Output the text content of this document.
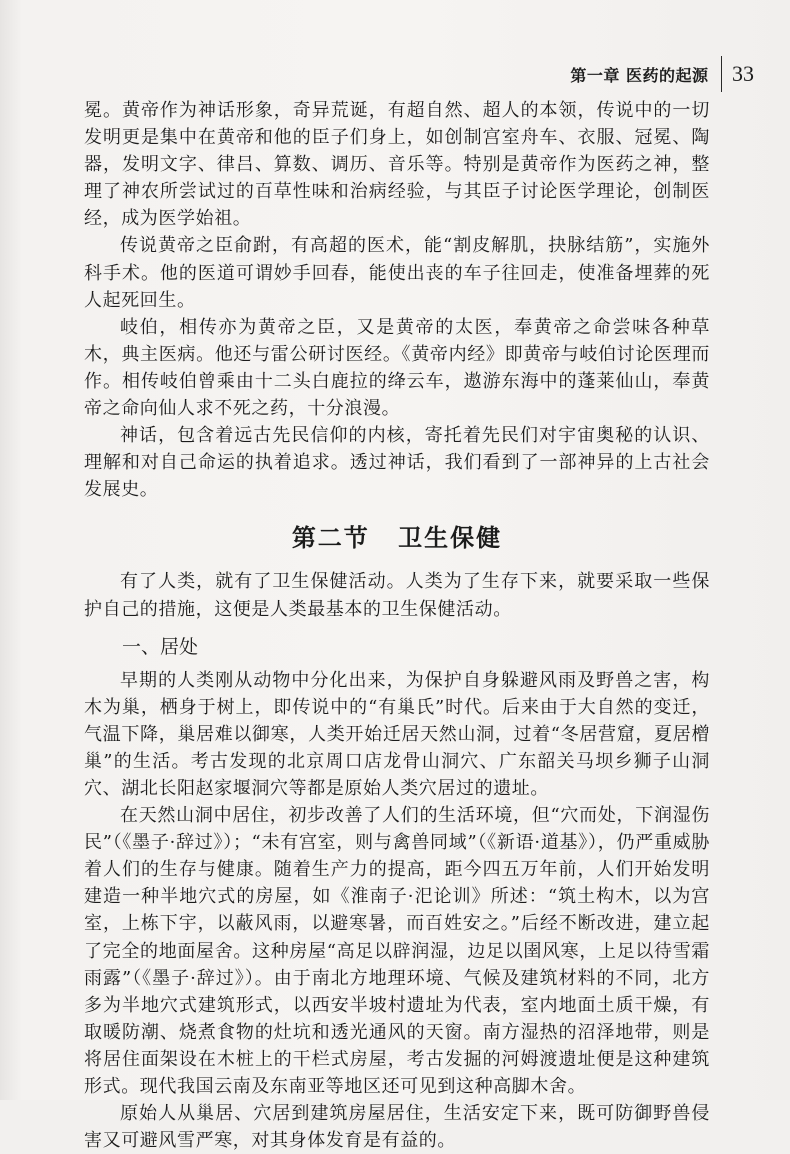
第一章 医药的起源	33

冕。黄帝作为神话形象，奇异荒诞，有超自然、超人的本领，传说中的一切发明更是集中在黄帝和他的臣子们身上，如创制宫室舟车、衣服、冠冕、陶器，发明文字、律吕、算数、调历、音乐等。特别是黄帝作为医药之神，整理了神农所尝试过的百草性味和治病经验，与其臣子讨论医学理论，创制医经，成为医学始祖。

传说黄帝之臣俞跗，有高超的医术，能“割皮解肌，抉脉结筋”，实施外科手术。他的医道可谓妙手回春，能使出丧的车子往回走，使准备埋葬的死人起死回生。

岐伯，相传亦为黄帝之臣，又是黄帝的太医，奉黄帝之命尝味各种草木，典主医病。他还与雷公研讨医经。《黄帝内经》即黄帝与岐伯讨论医理而作。相传岐伯曾乘由十二头白鹿拉的绛云车，遨游东海中的蓬莱仙山，奉黄帝之命向仙人求不死之药，十分浪漫。

神话，包含着远古先民信仰的内核，寄托着先民们对宇宙奥秘的认识、理解和对自己命运的执着追求。透过神话，我们看到了一部神异的上古社会发展史。

第二节 卫生保健

有了人类，就有了卫生保健活动。人类为了生存下来，就要采取一些保护自己的措施，这便是人类最基本的卫生保健活动。

一、居处

早期的人类刚从动物中分化出来，为保护自身躲避风雨及野兽之害，构木为巢，栖身于树上，即传说中的“有巢氏”时代。后来由于大自然的变迁，气温下降，巢居难以御寒，人类开始迁居天然山洞，过着“冬居营窟，夏居橧巢”的生活。考古发现的北京周口店龙骨山洞穴、广东韶关马坝乡狮子山洞穴、湖北长阳赵家堰洞穴等都是原始人类穴居过的遗址。

在天然山洞中居住，初步改善了人们的生活环境，但“穴而处，下润湿伤民”（《墨子·辞过》）；“未有宫室，则与禽兽同域”（《新语·道基》），仍严重威胁着人们的生存与健康。随着生产力的提高，距今四五万年前，人们开始发明建造一种半地穴式的房屋，如《淮南子·汜论训》所述：“筑土构木，以为宫室，上栋下宇，以蔽风雨，以避寒暑，而百姓安之。”后经不断改进，建立起了完全的地面屋舍。这种房屋“高足以辟润湿，边足以圉风寒，上足以待雪霜雨露”（《墨子·辞过》）。由于南北方地理环境、气候及建筑材料的不同，北方多为半地穴式建筑形式，以西安半坡村遗址为代表，室内地面土质干燥，有取暖防潮、烧煮食物的灶坑和透光通风的天窗。南方湿热的沼泽地带，则是将居住面架设在木桩上的干栏式房屋，考古发掘的河姆渡遗址便是这种建筑形式。现代我国云南及东南亚等地区还可见到这种高脚木舍。

原始人从巢居、穴居到建筑房屋居住，生活安定下来，既可防御野兽侵害又可避风雪严寒，对其身体发育是有益的。
